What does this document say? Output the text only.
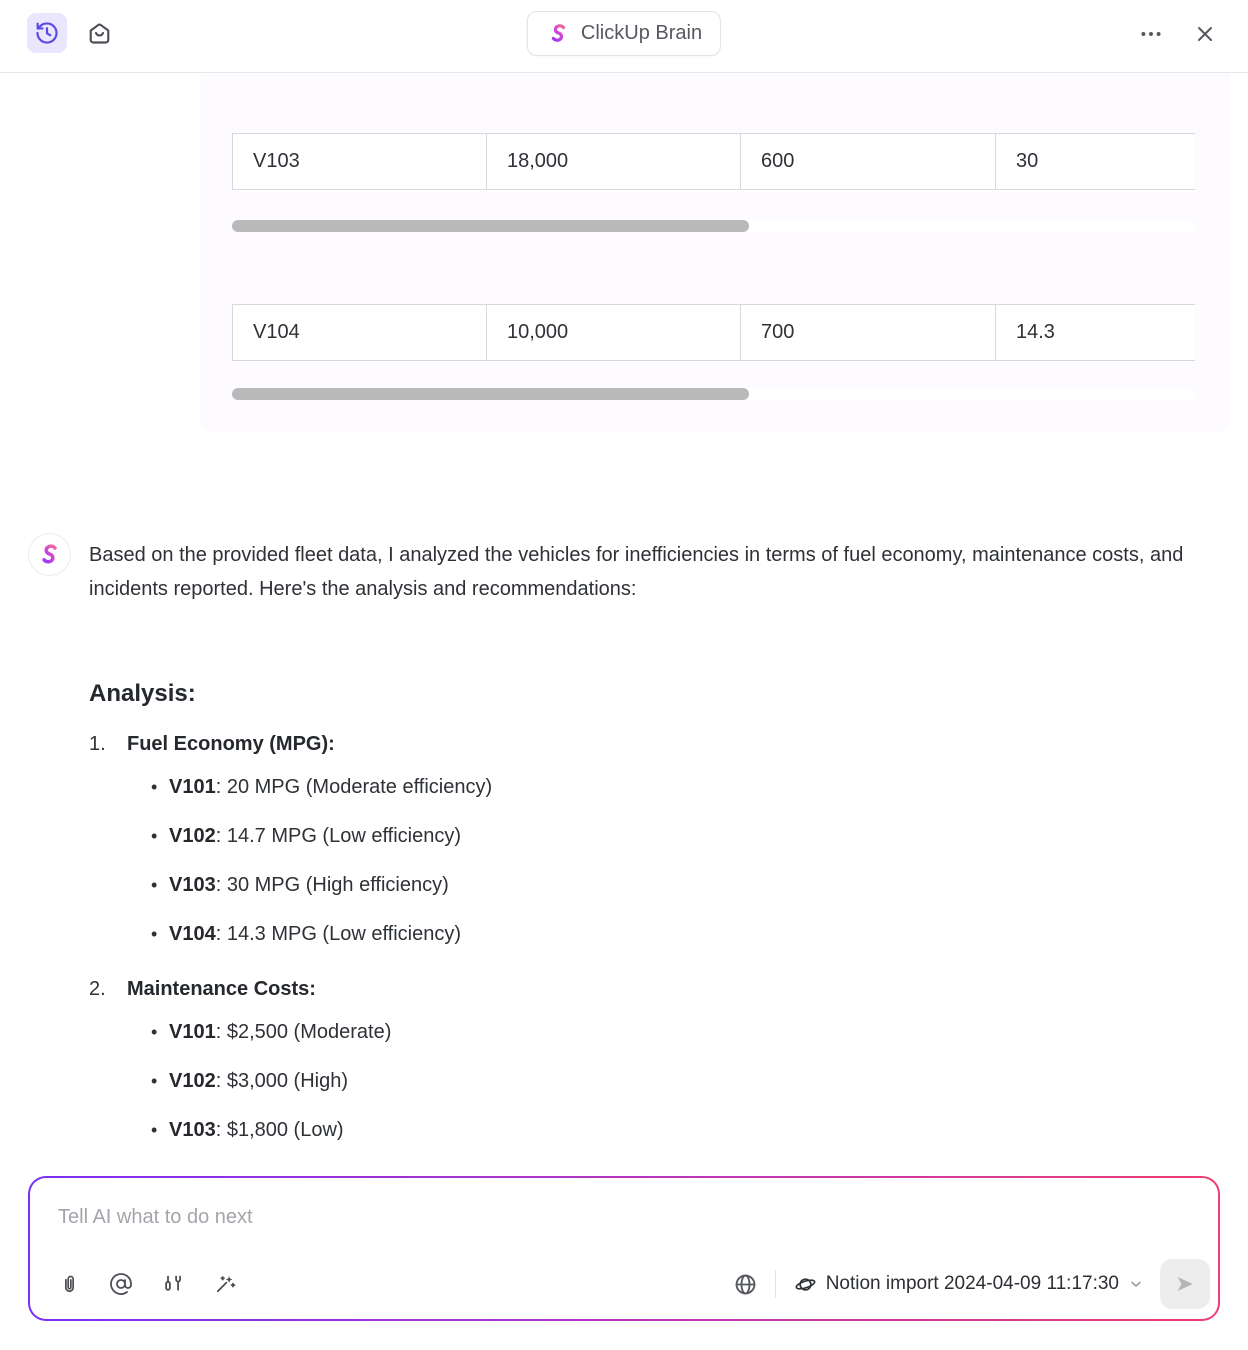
ClickUp Brain
V103	18,000	600	30
V104	10,000	700	14.3
Based on the provided fleet data, I analyzed the vehicles for inefficiencies in terms of fuel economy, maintenance costs, and incidents reported. Here's the analysis and recommendations:
Analysis:
1.	Fuel Economy (MPG):
• V101: 20 MPG (Moderate efficiency)
• V102: 14.7 MPG (Low efficiency)
• V103: 30 MPG (High efficiency)
• V104: 14.3 MPG (Low efficiency)
2.	Maintenance Costs:
• V101: $2,500 (Moderate)
• V102: $3,000 (High)
• V103: $1,800 (Low)
Tell AI what to do next
Notion import 2024-04-09 11:17:30
